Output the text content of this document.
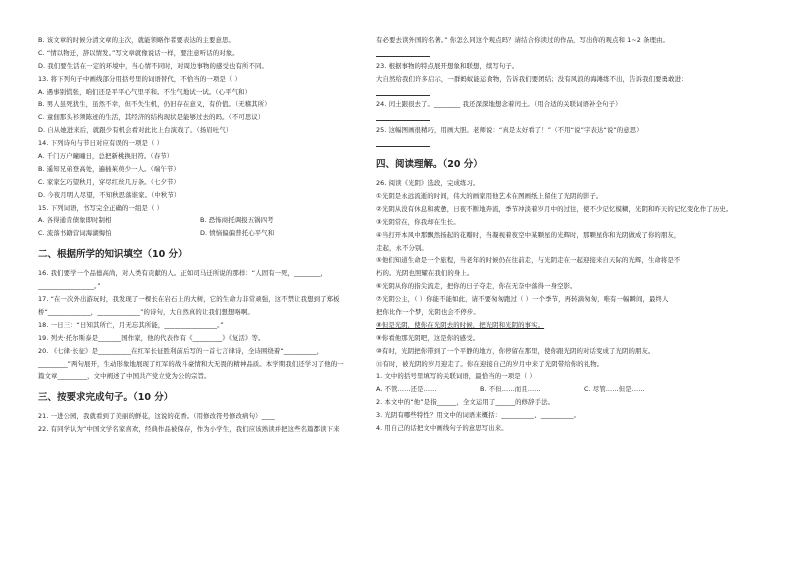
B. 该文章的时候分清文章的主次，就能领略作者要表达的主要意思。
C. “情以物迁，辞以情发。”写文章就像说话一样，要注意听话的对象。
D. 我们要生活在一定的环境中，当心情不同时，对周边事物的感受也有所不同。
13. 将下列句子中画线部分用括号里的词语替代，不恰当的一项是（ ）
A. 遇事别慌张，咱们还是平平心气里平和。不生气地试一试。（心平气和）
B. 男人虽死犹生，虽然不幸，但不失生机，仍旧存在意义，有价值。（无稽其所）
C. 童佃那头衫须陈迹的生活，其经济的结构现状是能够过去的吗。（不可思议）
D. 自从她进来后，就跟少有机会看对此比上台演戏了。（扬眉吐气）
14. 下列诗句与节日对应有误的一项是（ ）
A. 千门万户曈曈日，总把新桃换旧符。（春节）
B. 遥知兄弟登高处，遍插茱萸少一人。（端午节）
C. 家家乞巧望秋月，穿尽红丝几万条。（七夕节）
D. 今夜月明人尽望，不知秋思落谁家。（中秋节）
15. 下列词语，书写完全正确的一组是（ ）
A. 各得通肯债象即时制相	B. 恐怖商托调报五锅四考
C. 流落书籍营词海湖悔怕	D. 愤恼偏偏普托心平气和
二、根据所学的知识填空（10 分）
16. 我们要学一个品德高尚，对人类有贡献的人。正如司马迁所说的那样：“人固有一死，________，
_________________。”
17. “在一次外出游玩时，我发现了一棵长在岩石上的大树，它的生命力非常顽强，这不禁让我想到了郑板
桥“_____________，_____________”的诗句，大自然真的让我们想想咯啊。
18. 一日三：“日知其所亡，月无忘其所能，________________。”
19. 列夫·托尔斯泰是_______国作家，他的代表作有《_________》《复活》等。
20. 《七律·长征》是__________在红军长征胜利前后写的一首七言律诗，全诗围绕着“__________，
_________”两句展开，生动形象地展现了红军的战斗豪情和大无畏的精神品质。本学期我们还学习了他的一
篇文章_________，文中阐述了中国共产党立党为公的宗旨。
三、按要求完成句子。（10 分）
21. 一进公园，我就看到了美丽的鲜花，这说的花香。（用修改符号修改病句）____
22. 有同学认为“中国文学名家喜欢，经典作品被保存，作为小学生，我们应该熟读并把这些名篇都读下来
有必要去读外国的名著。” 你怎么同这个观点吗？请结合你读过的作品，写出你的观点和 1~2 条理由。
23. 根据事物的特点展开想象和联想，续写句子。
大自然给我们许多启示，一群蚂蚁能运食物，告诉我们要团结；没有风浪的海滩练不出，告诉我们要勇敢进：
24. 闰土跟很去了。________ 我还深深地想念着闰土。（用合适的关联词语补全句子）
25. 这幅图画很精巧，用画大胆。老师说：“真是太好看了！”（不用“说”字表达“说”的意思）
四、阅读理解。（20 分）
26. 阅读《光阴》选段，完成练习。
①光阴是永远流逝的时间，伟大的画家用他艺术在图画纸上留住了光阴的影子。
②光阴从没有休息和疲惫，日夜不断地奔流，季节冲淡着岁月中的过往，使不少记忆模糊，光阴和昨天的记忆变化作了历史。
③光阴常在，你我却在生长。
④当打开本风中那飘然扬起的花瓣时，当凝视着夜空中某颗星的光辉时，那颗星你和光阴做成了你的朋友，
走起，永不分别。
⑤他们知道生命是一个旅程，当老年的时候仍在往前走，与光阴走在一起迎接来自天际的光辉，生命将是不
朽的。光阴也照耀在我们的身上。
⑥光阴从你的指尖流走，把你的日子夺走，你在无奈中落得一身空影。
⑦光阴公主，（ ）你能不能如此，请不要匆匆跑过（ ）一个季节，再转滴匆匆，唯有一幅瞬间，最终人
把你比作一个梦，光阴也会不停步。
⑧但是光阴，使你在光阴去的时候，把光阴和光阴的事实。
⑨你看他那光阴吧，这是你的感受。
⑩有时，光阴把你带到了一个平静的地方，你停留在那里，使你跟光阴的对话变成了光阴的朋友。
⑪有时，被光阴的岁月迎走了。你在迎接自己的岁月中来了光阴带给你的礼物。
1. 文中的括号里填写的关联词语，最恰当的一项是（ ）
A. 不管……还是……	B. 不但……而且……	C. 尽管……但是……
2. 本文中的“他”是指______，全文运用了______的修辞手法。
3. 光阴有哪些特性？用文中的词语来概括：__________、__________。
4. 用自己的话把文中画线句子的意思写出来。
